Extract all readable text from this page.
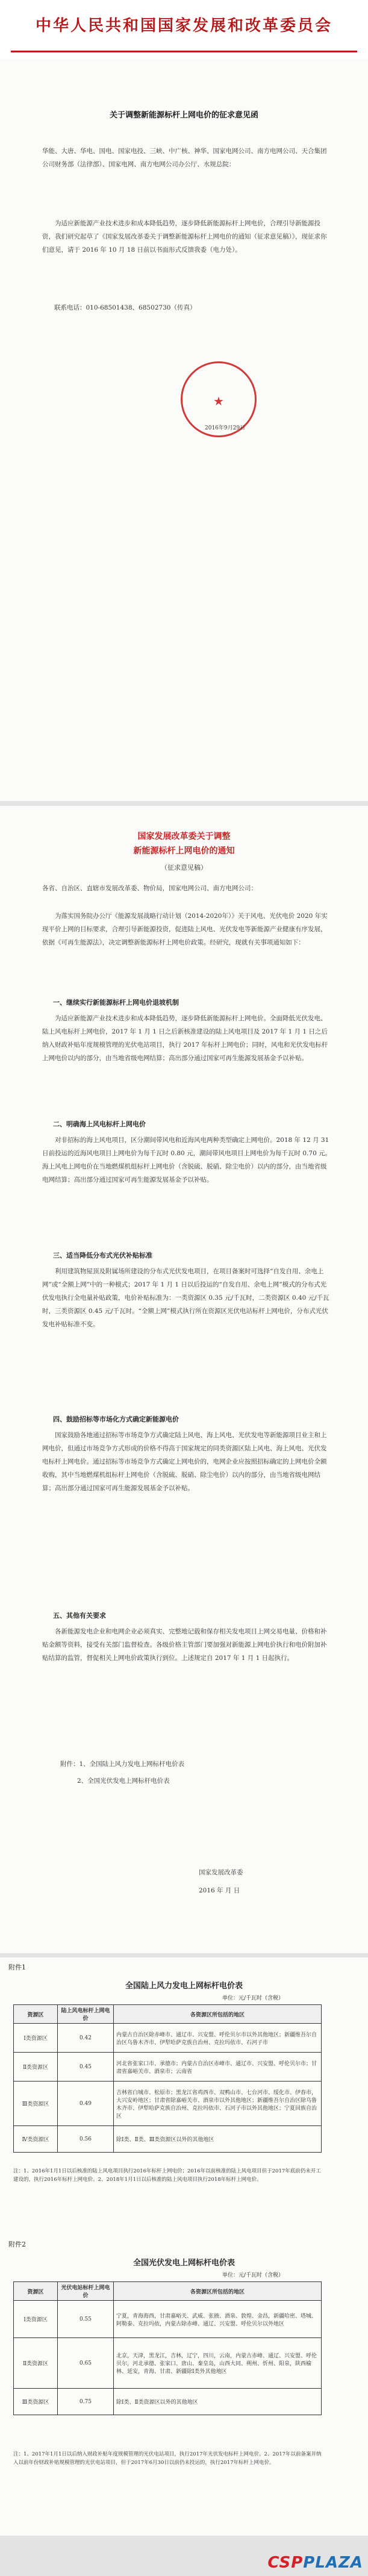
中华人民共和国国家发展和改革委员会
关于调整新能源标杆上网电价的征求意见函
华能、大唐、华电、国电、国家电投、三峡、中广核、神华、国家电网公司、南方电网公司、天合集团公司财务部（法律部）、国家电网、南方电网公司办公厅、水规总院：
为适应新能源产业技术进步和成本降低趋势，逐步降低新能源标杆上网电价，合理引导新能源投资，我们研究起草了《国家发展改革委关于调整新能源标杆上网电价的通知（征求意见稿）》，现征求你们意见，请于 2016 年 10 月 18 日前以书面形式反馈我委（电力处）。
联系电话：010-68501438、68502730（传真）
★
2016年9月29日
国家发展改革委关于调整
新能源标杆上网电价的通知
（征求意见稿）
各省、自治区、直辖市发展改革委、物价局，国家电网公司、南方电网公司：
为落实国务院办公厅《能源发展战略行动计划（2014-2020年）》关于风电、光伏电价 2020 年实现平价上网的目标要求，合理引导新能源投资，促进陆上风电、光伏发电等新能源产业健康有序发展，依据《可再生能源法》，决定调整新能源标杆上网电价政策。经研究，现就有关事项通知如下：
一、继续实行新能源标杆上网电价退坡机制
为适应新能源产业技术进步和成本降低趋势，逐步降低新能源标杆上网电价。全面降低光伏发电、陆上风电标杆上网电价，2017 年 1 月 1 日之后新核准建设的陆上风电项目及 2017 年 1 月 1 日之后纳入财政补贴年度规模管理的光伏电站项目，执行 2017 年标杆上网电价；同时，风电和光伏发电标杆上网电价以内的部分，由当地省级电网结算；高出部分通过国家可再生能源发展基金予以补贴。
二、明确海上风电标杆上网电价
对非招标的海上风电项目，区分潮间带风电和近海风电两种类型确定上网电价。2018 年 12 月 31 日前投运的近海风电项目上网电价为每千瓦时 0.80 元，潮间带风电项目上网电价为每千瓦时 0.70 元。海上风电上网电价在当地燃煤机组标杆上网电价（含脱硫、脱硝、除尘电价）以内的部分，由当地省级电网结算；高出部分通过国家可再生能源发展基金予以补贴。
三、适当降低分布式光伏补贴标准
利用建筑物屋顶及附属场所建设的分布式光伏发电项目，在项目备案时可选择“自发自用、余电上网”或“全额上网”中的一种模式；2017 年 1 月 1 日以后投运的“自发自用、余电上网”模式的分布式光伏发电执行全电量补贴政策，电价补贴标准为：一类资源区 0.35 元/千瓦时，二类资源区 0.40 元/千瓦时，三类资源区 0.45 元/千瓦时。“全额上网”模式执行所在资源区光伏电站标杆上网电价，分布式光伏发电补贴标准不变。
四、鼓励招标等市场化方式确定新能源电价
国家鼓励各地通过招标等市场竞争方式确定陆上风电、海上风电、光伏发电等新能源项目业主和上网电价，但通过市场竞争方式形成的价格不得高于国家规定的同类资源区陆上风电、海上风电、光伏发电标杆上网电价。通过招标等市场竞争方式确定上网电价的，电网企业应按照招标确定的上网电价全额收购，其中当地燃煤机组标杆上网电价（含脱硫、脱硝、除尘电价）以内的部分，由当地省级电网结算；高出部分通过国家可再生能源发展基金予以补贴。
五、其他有关要求
各新能源发电企业和电网企业必须真实、完整地记载和保存相关发电项目上网交易电量、价格和补贴金额等资料，接受有关部门监督检查。各级价格主管部门要加强对新能源上网电价执行和电价附加补贴结算的监管，督促相关上网电价政策执行到位。上述规定自 2017 年 1 月 1 日起执行。
附件：1、全国陆上风力发电上网标杆电价表
2、全国光伏发电上网标杆电价表
国家发展改革委
2016 年 月 日
附件1
全国陆上风力发电上网标杆电价表
单位：元/千瓦时（含税）
资源区	陆上风电标杆上网电价	各资源区所包括的地区
Ⅰ类资源区	0.42	内蒙古自治区除赤峰市、通辽市、兴安盟、呼伦贝尔市以外其他地区；新疆维吾尔自治区乌鲁木齐市、伊犁哈萨克族自治州、克拉玛依市、石河子市
Ⅱ类资源区	0.45	河北省张家口市、承德市；内蒙古自治区赤峰市、通辽市、兴安盟、呼伦贝尔市；甘肃省嘉峪关市、酒泉市；云南省
Ⅲ类资源区	0.49	吉林省白城市、松原市；黑龙江省鸡西市、双鸭山市、七台河市、绥化市、伊春市，大兴安岭地区；甘肃省除嘉峪关市、酒泉市以外其他地区；新疆维吾尔自治区除乌鲁木齐市、伊犁哈萨克族自治州、克拉玛依市、石河子市以外其他地区；宁夏回族自治区
Ⅳ类资源区	0.56	除Ⅰ类、Ⅱ类、Ⅲ类资源区以外的其他地区
注：1、2016年1月1日以后核准的陆上风电项目执行2016年标杆上网电价；2016年以前核准的陆上风电项目但于2017年底前仍未开工建设的，执行2016年标杆上网电价。2、2018年1月1日以后核准的陆上风电项目执行2018年标杆上网电价。
附件2
全国光伏发电上网标杆电价表
单位：元/千瓦时（含税）
资源区	光伏电站标杆上网电价	各资源区所包括的地区
Ⅰ类资源区	0.55	宁夏，青海海西，甘肃嘉峪关、武威、张掖、酒泉、敦煌、金昌，新疆哈密、塔城、阿勒泰、克拉玛依，内蒙古除赤峰、通辽、兴安盟、呼伦贝尔以外地区
Ⅱ类资源区	0.65	北京，天津，黑龙江，吉林，辽宁，四川，云南，内蒙古赤峰、通辽、兴安盟、呼伦贝尔，河北承德、张家口、唐山、秦皇岛，山西大同、朔州、忻州、阳泉，陕西榆林、延安，青海、甘肃、新疆除Ⅰ类外其他地区
Ⅲ类资源区	0.75	除Ⅰ类、Ⅱ类资源区以外的其他地区
注：1、2017年1月1日以后纳入财政补贴年度规模管理的光伏电站项目，执行2017年光伏发电标杆上网电价。2、2017年以前备案并纳入以前年份财政补贴规模管理的光伏电站项目，但于2017年6月30日以前仍未投运的，执行2017年标杆上网电价。
CSPPLAZA
